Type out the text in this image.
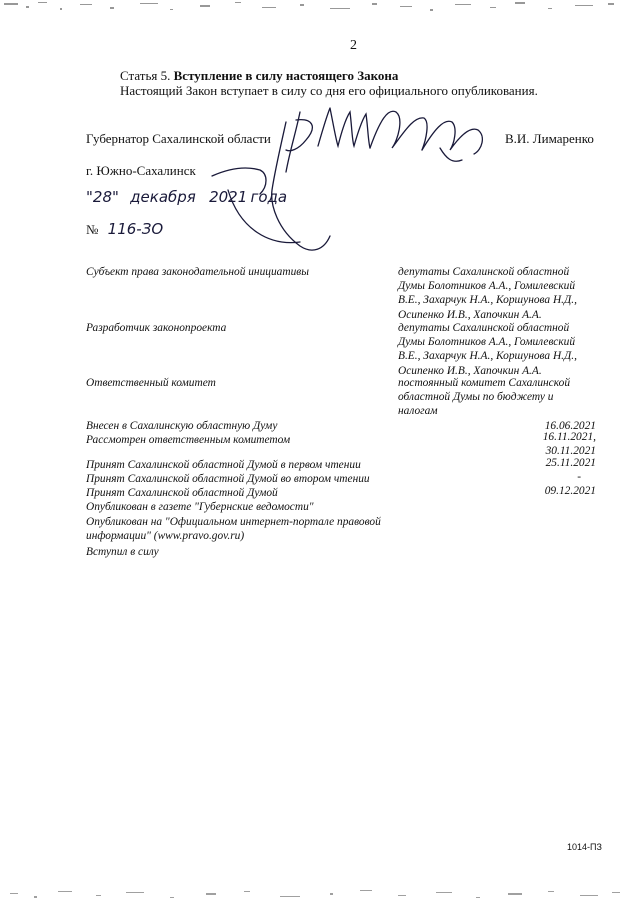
2
Статья 5. Вступление в силу настоящего Закона
Настоящий Закон вступает в силу со дня его официального опубликования.
Губернатор Сахалинской области	В.И. Лимаренко
г. Южно-Сахалинск
"28" декабря 2021 года
№ 116-ЗО
Субъект права законодательной инициативы	депутаты Сахалинской областной
Думы Болотников А.А., Гомилевский
В.Е., Захарчук Н.А., Коршунова Н.Д.,
Осипенко И.В., Хапочкин А.А.
Разработчик законопроекта	депутаты Сахалинской областной
Думы Болотников А.А., Гомилевский
В.Е., Захарчук Н.А., Коршунова Н.Д.,
Осипенко И.В., Хапочкин А.А.
Ответственный комитет	постоянный комитет Сахалинской
областной Думы по бюджету и
налогам
Внесен в Сахалинскую областную Думу	16.06.2021
Рассмотрен ответственным комитетом	16.11.2021,
30.11.2021
Принят Сахалинской областной Думой в первом чтении	25.11.2021
Принят Сахалинской областной Думой во втором чтении	-
Принят Сахалинской областной Думой	09.12.2021
Опубликован в газете "Губернские ведомости"
Опубликован на "Официальном интернет-портале правовой
информации" (www.pravo.gov.ru)
Вступил в силу
1014-ПЗ
